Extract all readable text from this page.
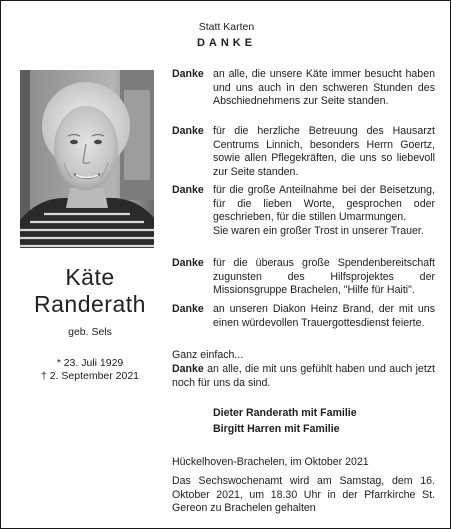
Statt Karten
DANKE
Käte
Randerath
geb. Sels
* 23. Juli 1929
† 2. September 2021
Danke an alle, die unsere Käte immer besucht haben und uns auch in den schweren Stunden des Abschiednehmens zur Seite standen.
Danke für die herzliche Betreuung des Hausarzt Centrums Linnich, besonders Herrn Goertz, sowie allen Pflegekräften, die uns so liebevoll zur Seite standen.
Danke für die große Anteilnahme bei der Beisetzung, für die lieben Worte, gesprochen oder geschrieben, für die stillen Umarmungen.
Sie waren ein großer Trost in unserer Trauer.
Danke für die überaus große Spendenbereitschaft zugunsten des Hilfsprojektes der Missionsgruppe Brachelen, "Hilfe für Haiti".
Danke an unseren Diakon Heinz Brand, der mit uns einen würdevollen Trauergottesdienst feierte.
Ganz einfach...
Danke an alle, die mit uns gefühlt haben und auch jetzt noch für uns da sind.
Dieter Randerath mit Familie
Birgitt Harren mit Familie
Hückelhoven-Brachelen, im Oktober 2021
Das Sechswochenamt wird am Samstag, dem 16. Oktober 2021, um 18.30 Uhr in der Pfarrkirche St. Gereon zu Brachelen gehalten
